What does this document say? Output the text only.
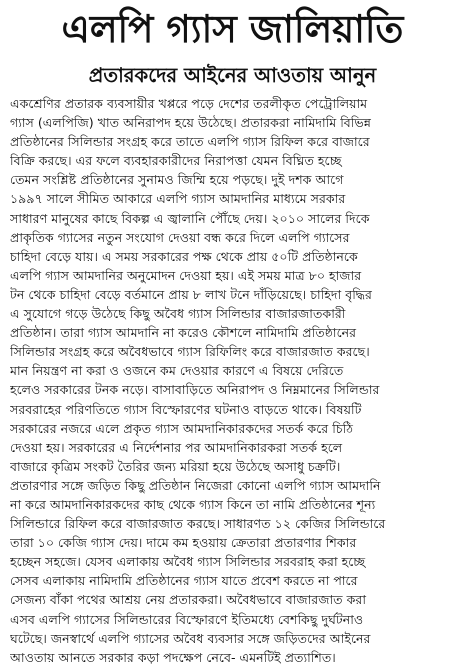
এলপি গ্যাস জালিয়াতি
প্রতারকদের আইনের আওতায় আনুন
একশ্রেণির প্রতারক ব্যবসায়ীর খপ্পরে পড়ে দেশের তরলীকৃত পেট্রোলিয়াম
গ্যাস (এলপিজি) খাত অনিরাপদ হয়ে উঠেছে। প্রতারকরা নামিদামি বিভিন্ন
প্রতিষ্ঠানের সিলিন্ডার সংগ্রহ করে তাতে এলপি গ্যাস রিফিল করে বাজারে
বিক্রি করছে। এর ফলে ব্যবহারকারীদের নিরাপত্তা যেমন বিঘ্নিত হচ্ছে
তেমন সংশ্লিষ্ট প্রতিষ্ঠানের সুনামও জিম্মি হয়ে পড়ছে। দুই দশক আগে
১৯৯৭ সালে সীমিত আকারে এলপি গ্যাস আমদানির মাধ্যমে সরকার
সাধারণ মানুষের কাছে বিকল্প এ জ্বালানি পৌঁছে দেয়। ২০১০ সালের দিকে
প্রাকৃতিক গ্যাসের নতুন সংযোগ দেওয়া বন্ধ করে দিলে এলপি গ্যাসের
চাহিদা বেড়ে যায়। এ সময় সরকারের পক্ষ থেকে প্রায় ৫০টি প্রতিষ্ঠানকে
এলপি গ্যাস আমদানির অনুমোদন দেওয়া হয়। এই সময় মাত্র ৮০ হাজার
টন থেকে চাহিদা বেড়ে বর্তমানে প্রায় ৮ লাখ টনে দাঁড়িয়েছে। চাহিদা বৃদ্ধির
এ সুযোগে গড়ে উঠেছে কিছু অবৈধ গ্যাস সিলিন্ডার বাজারজাতকারী
প্রতিষ্ঠান। তারা গ্যাস আমদানি না করেও কৌশলে নামিদামি প্রতিষ্ঠানের
সিলিন্ডার সংগ্রহ করে অবৈধভাবে গ্যাস রিফিলিং করে বাজারজাত করছে।
মান নিয়ন্ত্রণ না করা ও ওজনে কম দেওয়ার কারণে এ বিষয়ে দেরিতে
হলেও সরকারের টনক নড়ে। বাসাবাড়িতে অনিরাপদ ও নিম্নমানের সিলিন্ডার
সরবরাহের পরিণতিতে গ্যাস বিস্ফোরণের ঘটনাও বাড়তে থাকে। বিষয়টি
সরকারের নজরে এলে প্রকৃত গ্যাস আমদানিকারকদের সতর্ক করে চিঠি
দেওয়া হয়। সরকারের এ নির্দেশনার পর আমদানিকারকরা সতর্ক হলে
বাজারে কৃত্রিম সংকট তৈরির জন্য মরিয়া হয়ে উঠেছে অসাধু চক্রটি।
প্রতারণার সঙ্গে জড়িত কিছু প্রতিষ্ঠান নিজেরা কোনো এলপি গ্যাস আমদানি
না করে আমদানিকারকদের কাছ থেকে গ্যাস কিনে তা নামি প্রতিষ্ঠানের শূন্য
সিলিন্ডারে রিফিল করে বাজারজাত করছে। সাধারণত ১২ কেজির সিলিন্ডারে
তারা ১০ কেজি গ্যাস দেয়। দামে কম হওয়ায় ক্রেতারা প্রতারণার শিকার
হচ্ছেন সহজে। যেসব এলাকায় অবৈধ গ্যাস সিলিন্ডার সরবরাহ করা হচ্ছে
সেসব এলাকায় নামিদামি প্রতিষ্ঠানের গ্যাস যাতে প্রবেশ করতে না পারে
সেজন্য বাঁকা পথের আশ্রয় নেয় প্রতারকরা। অবৈধভাবে বাজারজাত করা
এসব এলপি গ্যাসের সিলিন্ডারের বিস্ফোরণে ইতিমধ্যে বেশকিছু দুর্ঘটনাও
ঘটেছে। জনস্বার্থে এলপি গ্যাসের অবৈধ ব্যবসার সঙ্গে জড়িতদের আইনের
আওতায় আনতে সরকার কড়া পদক্ষেপ নেবে- এমনটিই প্রত্যাশিত।
